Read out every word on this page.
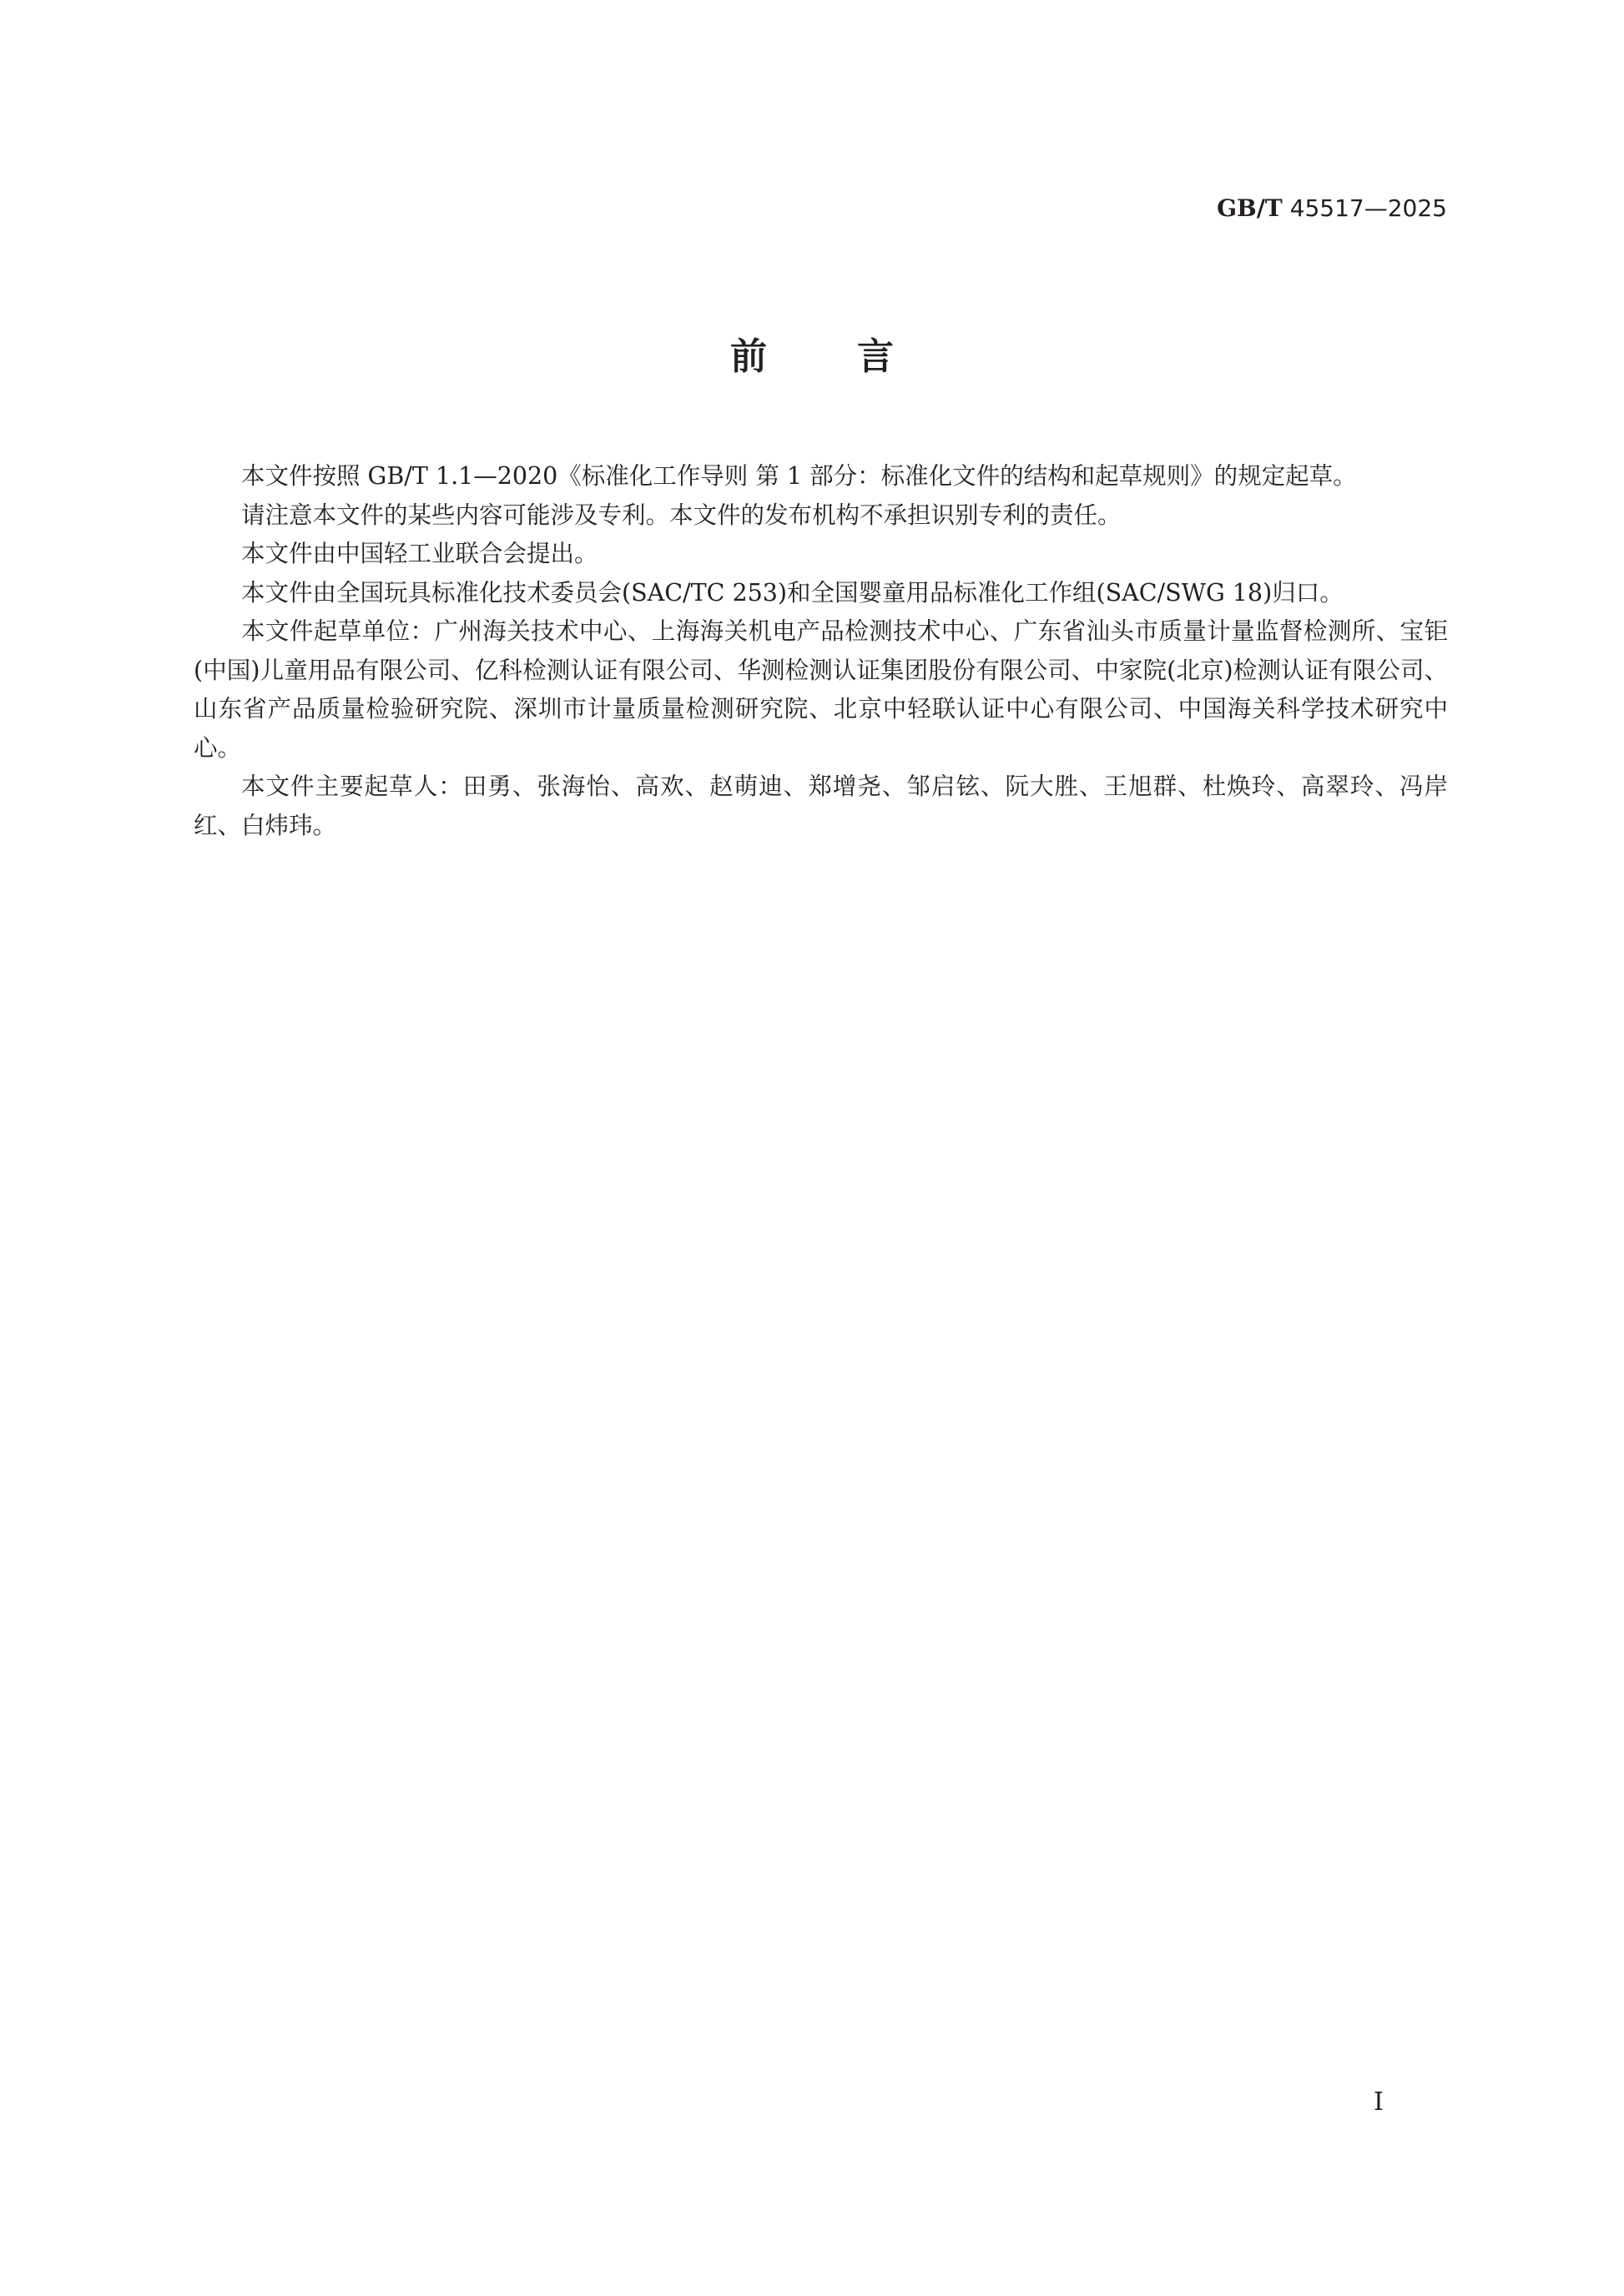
GB/T 45517—2025
前言

本文件按照 GB/T 1.1—2020《标准化工作导则 第 1 部分：标准化文件的结构和起草规则》的规定起草。

请注意本文件的某些内容可能涉及专利。本文件的发布机构不承担识别专利的责任。

本文件由中国轻工业联合会提出。

本文件由全国玩具标准化技术委员会(SAC/TC 253)和全国婴童用品标准化工作组(SAC/SWG 18)归口。

本文件起草单位：广州海关技术中心、上海海关机电产品检测技术中心、广东省汕头市质量计量监督检测所、宝钜(中国)儿童用品有限公司、亿科检测认证有限公司、华测检测认证集团股份有限公司、中家院(北京)检测认证有限公司、山东省产品质量检验研究院、深圳市计量质量检测研究院、北京中轻联认证中心有限公司、中国海关科学技术研究中心。

本文件主要起草人：田勇、张海怡、高欢、赵萌迪、郑增尧、邹启铉、阮大胜、王旭群、杜焕玲、高翠玲、冯岸红、白炜玮。

Ⅰ
